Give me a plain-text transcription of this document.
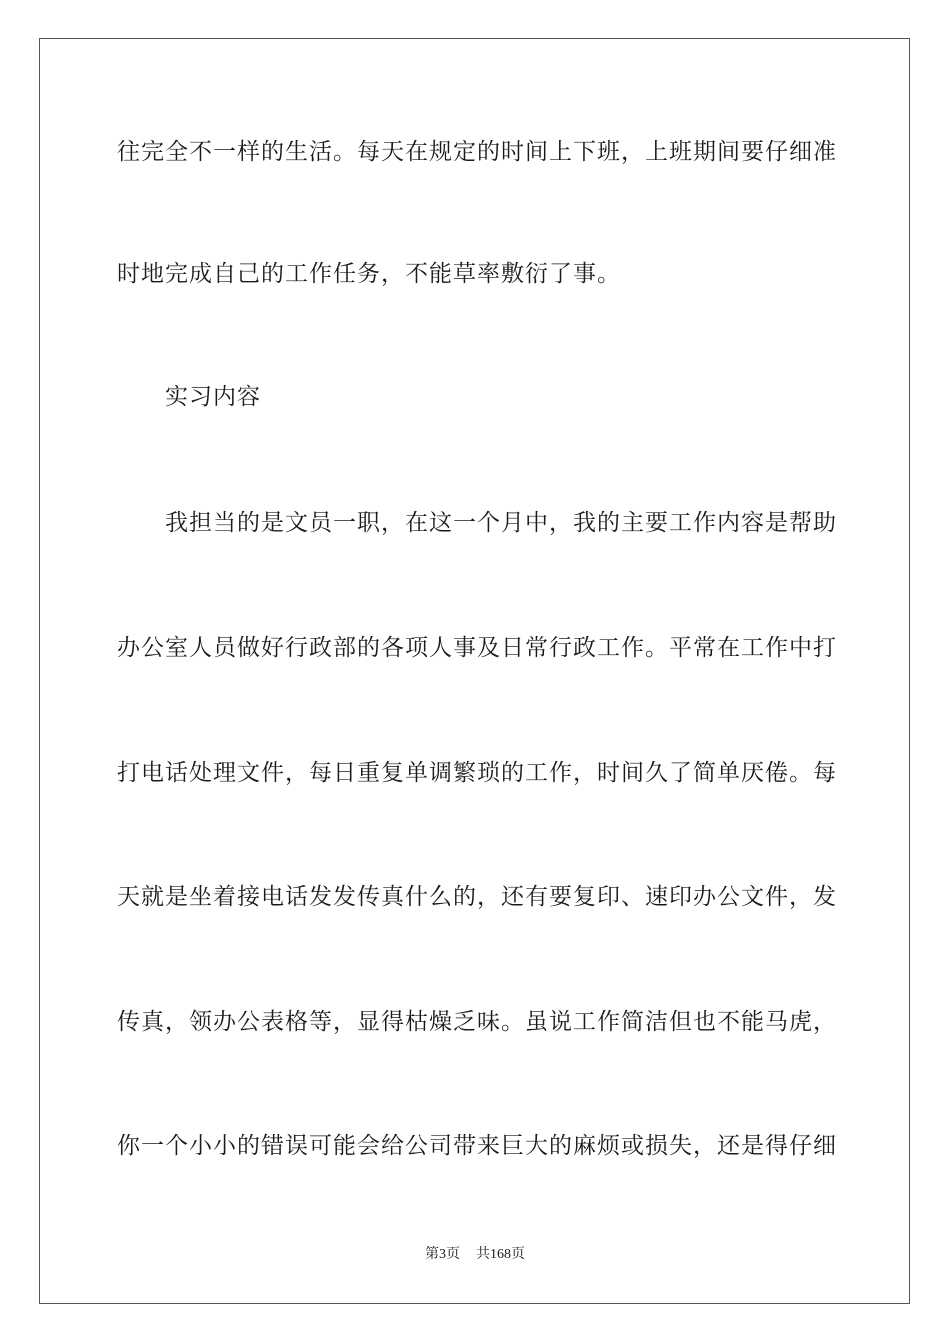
往完全不一样的生活。每天在规定的时间上下班，上班期间要仔细准
时地完成自己的工作任务，不能草率敷衍了事。
实习内容
我担当的是文员一职，在这一个月中，我的主要工作内容是帮助
办公室人员做好行政部的各项人事及日常行政工作。平常在工作中打
打电话处理文件，每日重复单调繁琐的工作，时间久了简单厌倦。每
天就是坐着接电话发发传真什么的，还有要复印、速印办公文件，发
传真，领办公表格等，显得枯燥乏味。虽说工作简洁但也不能马虎，
你一个小小的错误可能会给公司带来巨大的麻烦或损失，还是得仔细
第3页 共168页
